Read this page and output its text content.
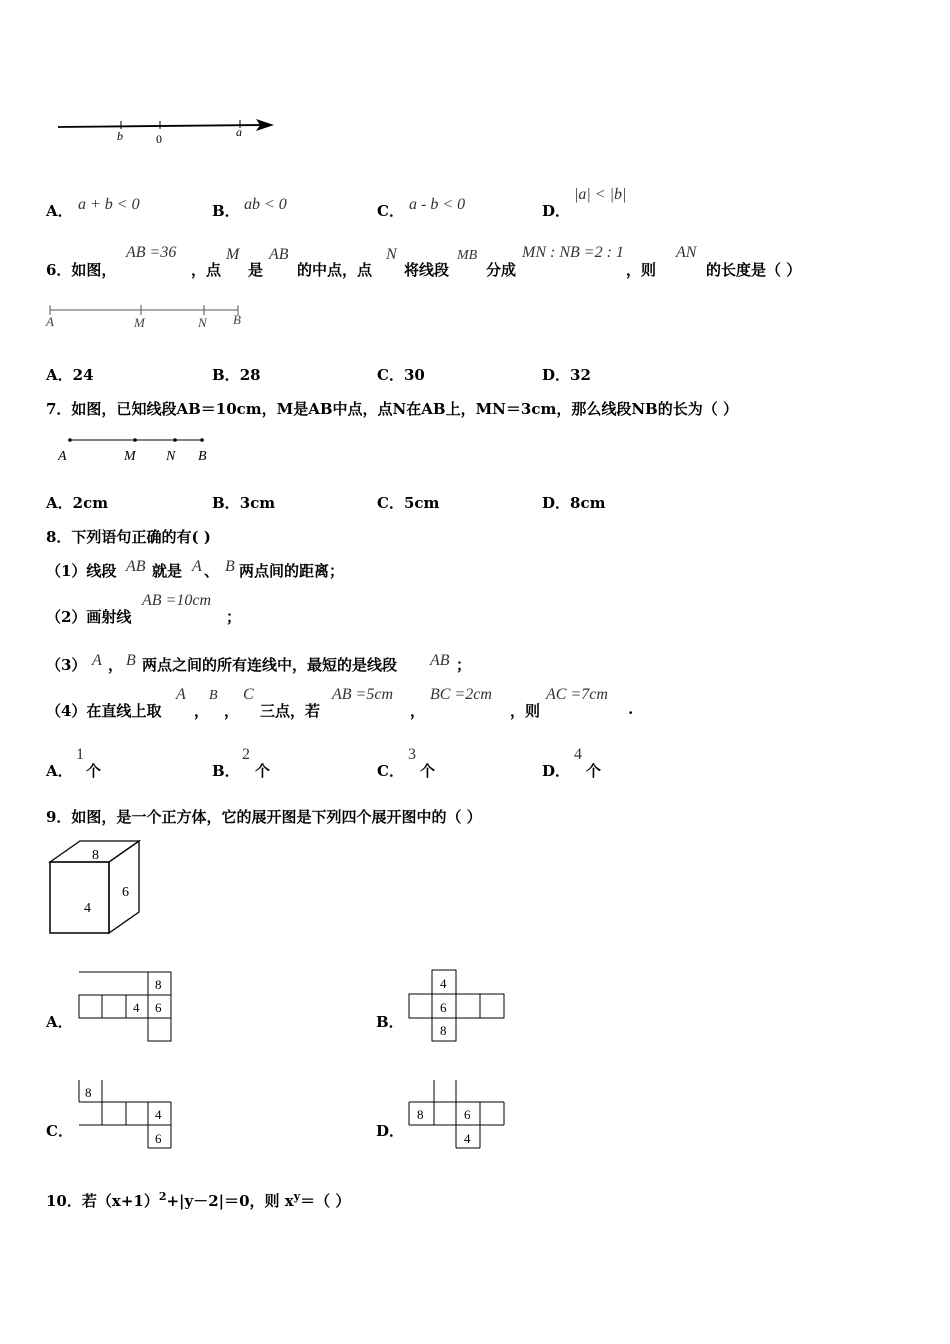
b	0	a
A． a + b < 0	B． ab < 0	C． a - b < 0	D．
|a| < |b|
6．如图，
AB =36
，点
M
是
AB
的中点，点
N
将线段
MB
分成
MN : NB =2 : 1
，则
AN
的长度是（ ）
A	M	N B
A．24	B．28	C．30	D．32
7．如图，已知线段AB＝10cm，M是AB中点，点N在AB上，MN＝3cm，那么线段NB的长为（ ）
A	M N B
A．2cm	B．3cm	C．5cm	D．8cm
8．下列语句正确的有( )
（1）线段 AB 就是 A 、 B 两点间的距离；
（2）画射线
AB =10cm
；
（3） A ， B 两点之间的所有连线中，最短的是线段 AB ；
（4）在直线上取
A
，
B
，
C
三点，若
AB =5cm
，
BC =2cm
，则
AC =7cm
.
A．
1
个	B．
2
个	C．
3
个	D．
4
个
9．如图，是一个正方体，它的展开图是下列四个展开图中的（ ）
8
4
6
A．
8
4 6
B．
4
6
8
C．
8
4
6	D．
8	6
4
10．若$(x+1)^2+|y-2|=0$，则 $x^y=$（ ）
